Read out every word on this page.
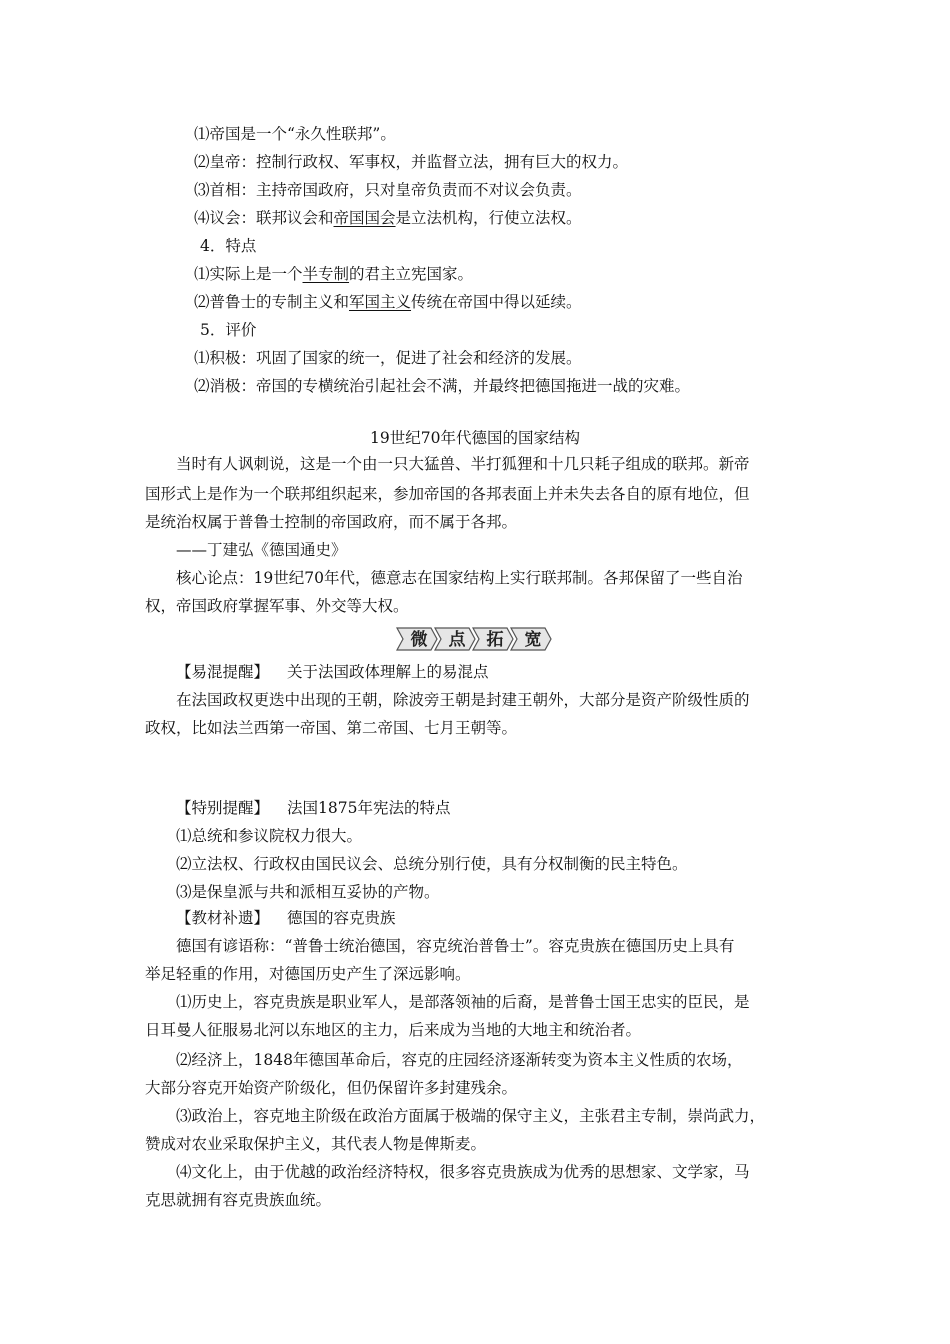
⑴帝国是一个“永久性联邦”。
⑵皇帝：控制行政权、军事权，并监督立法，拥有巨大的权力。
⑶首相：主持帝国政府，只对皇帝负责而不对议会负责。
⑷议会：联邦议会和帝国国会是立法机构，行使立法权。
4．特点
⑴实际上是一个半专制的君主立宪国家。
⑵普鲁士的专制主义和军国主义传统在帝国中得以延续。
5．评价
⑴积极：巩固了国家的统一，促进了社会和经济的发展。
⑵消极：帝国的专横统治引起社会不满，并最终把德国拖进一战的灾难。
19世纪70年代德国的国家结构
当时有人讽刺说，这是一个由一只大猛兽、半打狐狸和十几只耗子组成的联邦。新帝
国形式上是作为一个联邦组织起来，参加帝国的各邦表面上并未失去各自的原有地位，但
是统治权属于普鲁士控制的帝国政府，而不属于各邦。
——丁建弘《德国通史》
核心论点：19世纪70年代，德意志在国家结构上实行联邦制。各邦保留了一些自治
权，帝国政府掌握军事、外交等大权。
微 点 拓 宽
【易混提醒】 关于法国政体理解上的易混点
在法国政权更迭中出现的王朝，除波旁王朝是封建王朝外，大部分是资产阶级性质的
政权，比如法兰西第一帝国、第二帝国、七月王朝等。
【特别提醒】 法国1875年宪法的特点
⑴总统和参议院权力很大。
⑵立法权、行政权由国民议会、总统分别行使，具有分权制衡的民主特色。
⑶是保皇派与共和派相互妥协的产物。
【教材补遗】 德国的容克贵族
德国有谚语称：“普鲁士统治德国，容克统治普鲁士”。容克贵族在德国历史上具有
举足轻重的作用，对德国历史产生了深远影响。
⑴历史上，容克贵族是职业军人，是部落领袖的后裔，是普鲁士国王忠实的臣民，是
日耳曼人征服易北河以东地区的主力，后来成为当地的大地主和统治者。
⑵经济上，1848年德国革命后，容克的庄园经济逐渐转变为资本主义性质的农场，
大部分容克开始资产阶级化，但仍保留许多封建残余。
⑶政治上，容克地主阶级在政治方面属于极端的保守主义，主张君主专制，崇尚武力，
赞成对农业采取保护主义，其代表人物是俾斯麦。
⑷文化上，由于优越的政治经济特权，很多容克贵族成为优秀的思想家、文学家，马
克思就拥有容克贵族血统。
